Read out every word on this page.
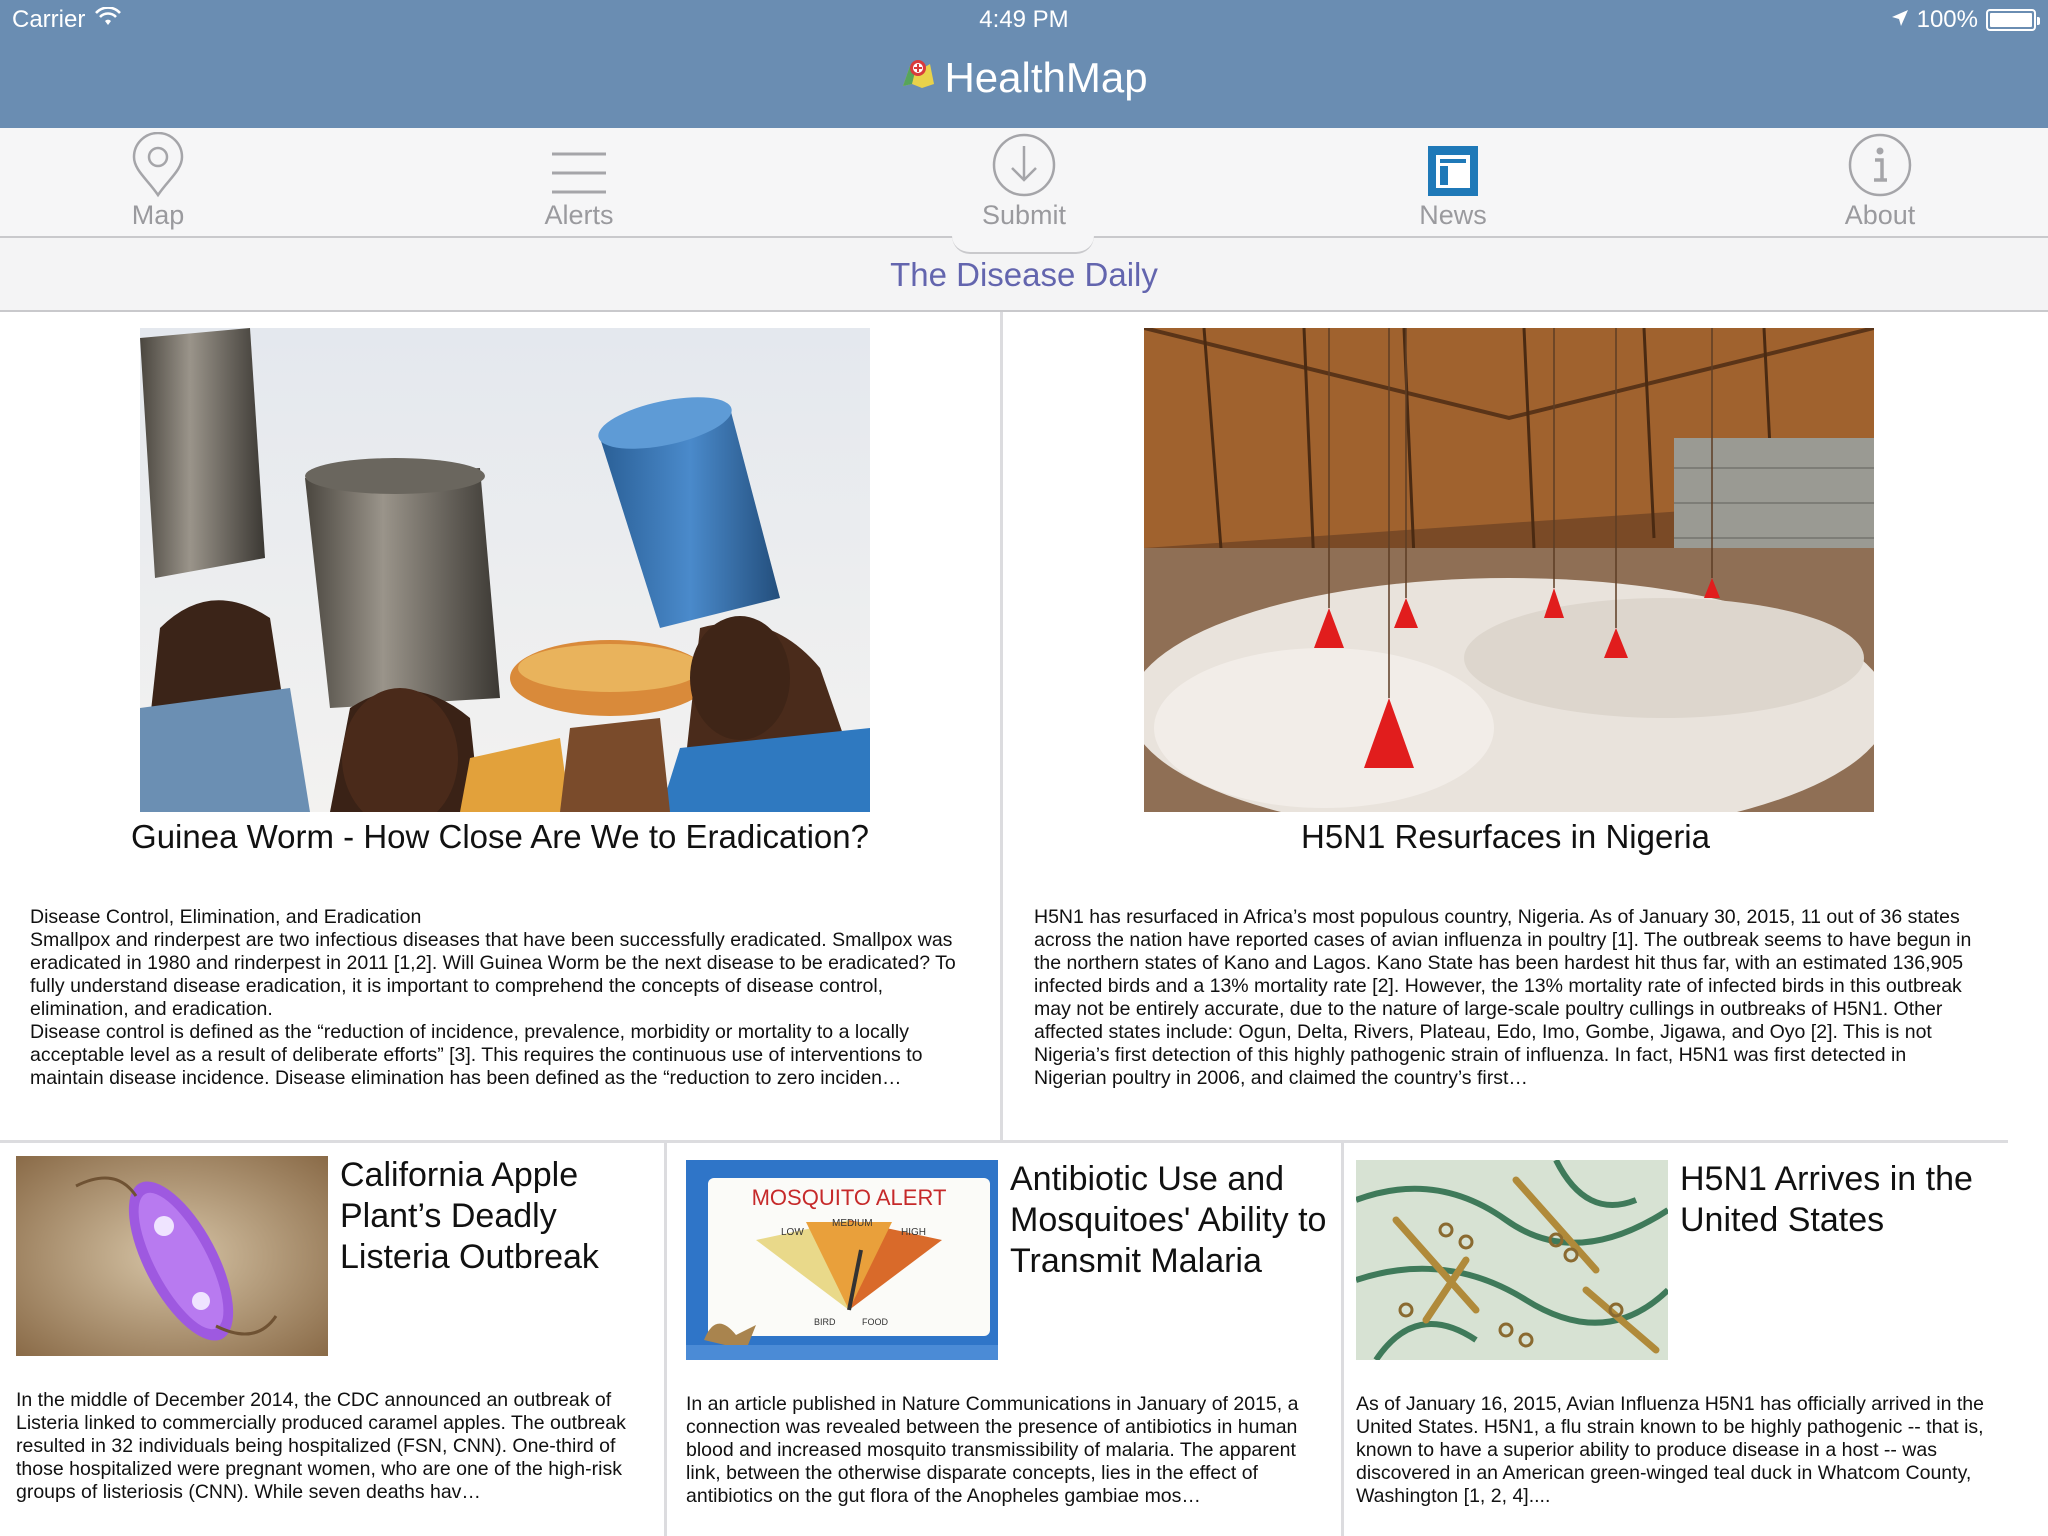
Carrier	4:49 PM	100%
HealthMap
Map	Alerts	Submit	News	About
The Disease Daily
Guinea Worm - How Close Are We to Eradication?
Disease Control, Elimination, and Eradication
Smallpox and rinderpest are two infectious diseases that have been successfully eradicated. Smallpox was eradicated in 1980 and rinderpest in 2011 [1,2]. Will Guinea Worm be the next disease to be eradicated? To fully understand disease eradication, it is important to comprehend the concepts of disease control, elimination, and eradication.
Disease control is defined as the “reduction of incidence, prevalence, morbidity or mortality to a locally acceptable level as a result of deliberate efforts” [3]. This requires the continuous use of interventions to maintain disease incidence. Disease elimination has been defined as the “reduction to zero inciden…
H5N1 Resurfaces in Nigeria
H5N1 has resurfaced in Africa’s most populous country, Nigeria. As of January 30, 2015, 11 out of 36 states across the nation have reported cases of avian influenza in poultry [1]. The outbreak seems to have begun in the northern states of Kano and Lagos. Kano State has been hardest hit thus far, with an estimated 136,905 infected birds and a 13% mortality rate [2]. However, the 13% mortality rate of infected birds in this outbreak may not be entirely accurate, due to the nature of large-scale poultry cullings in outbreaks of H5N1. Other affected states include: Ogun, Delta, Rivers, Plateau, Edo, Imo, Gombe, Jigawa, and Oyo [2]. This is not Nigeria’s first detection of this highly pathogenic strain of influenza. In fact, H5N1 was first detected in Nigerian poultry in 2006, and claimed the country’s first…
California Apple Plant’s Deadly Listeria Outbreak
In the middle of December 2014, the CDC announced an outbreak of Listeria linked to commercially produced caramel apples. The outbreak resulted in 32 individuals being hospitalized (FSN, CNN). One-third of those hospitalized were pregnant women, who are one of the high-risk groups of listeriosis (CNN). While seven deaths hav…
MOSQUITO ALERT
LOW
MEDIUM
HIGH
BIRD	FOOD
Antibiotic Use and Mosquitoes' Ability to Transmit Malaria
In an article published in Nature Communications in January of 2015, a connection was revealed between the presence of antibiotics in human blood and increased mosquito transmissibility of malaria. The apparent link, between the otherwise disparate concepts, lies in the effect of antibiotics on the gut flora of the Anopheles gambiae mos…
H5N1 Arrives in the United States
As of January 16, 2015, Avian Influenza H5N1 has officially arrived in the United States. H5N1, a flu strain known to be highly pathogenic -- that is, known to have a superior ability to produce disease in a host -- was discovered in an American green-winged teal duck in Whatcom County, Washington [1, 2, 4]....
